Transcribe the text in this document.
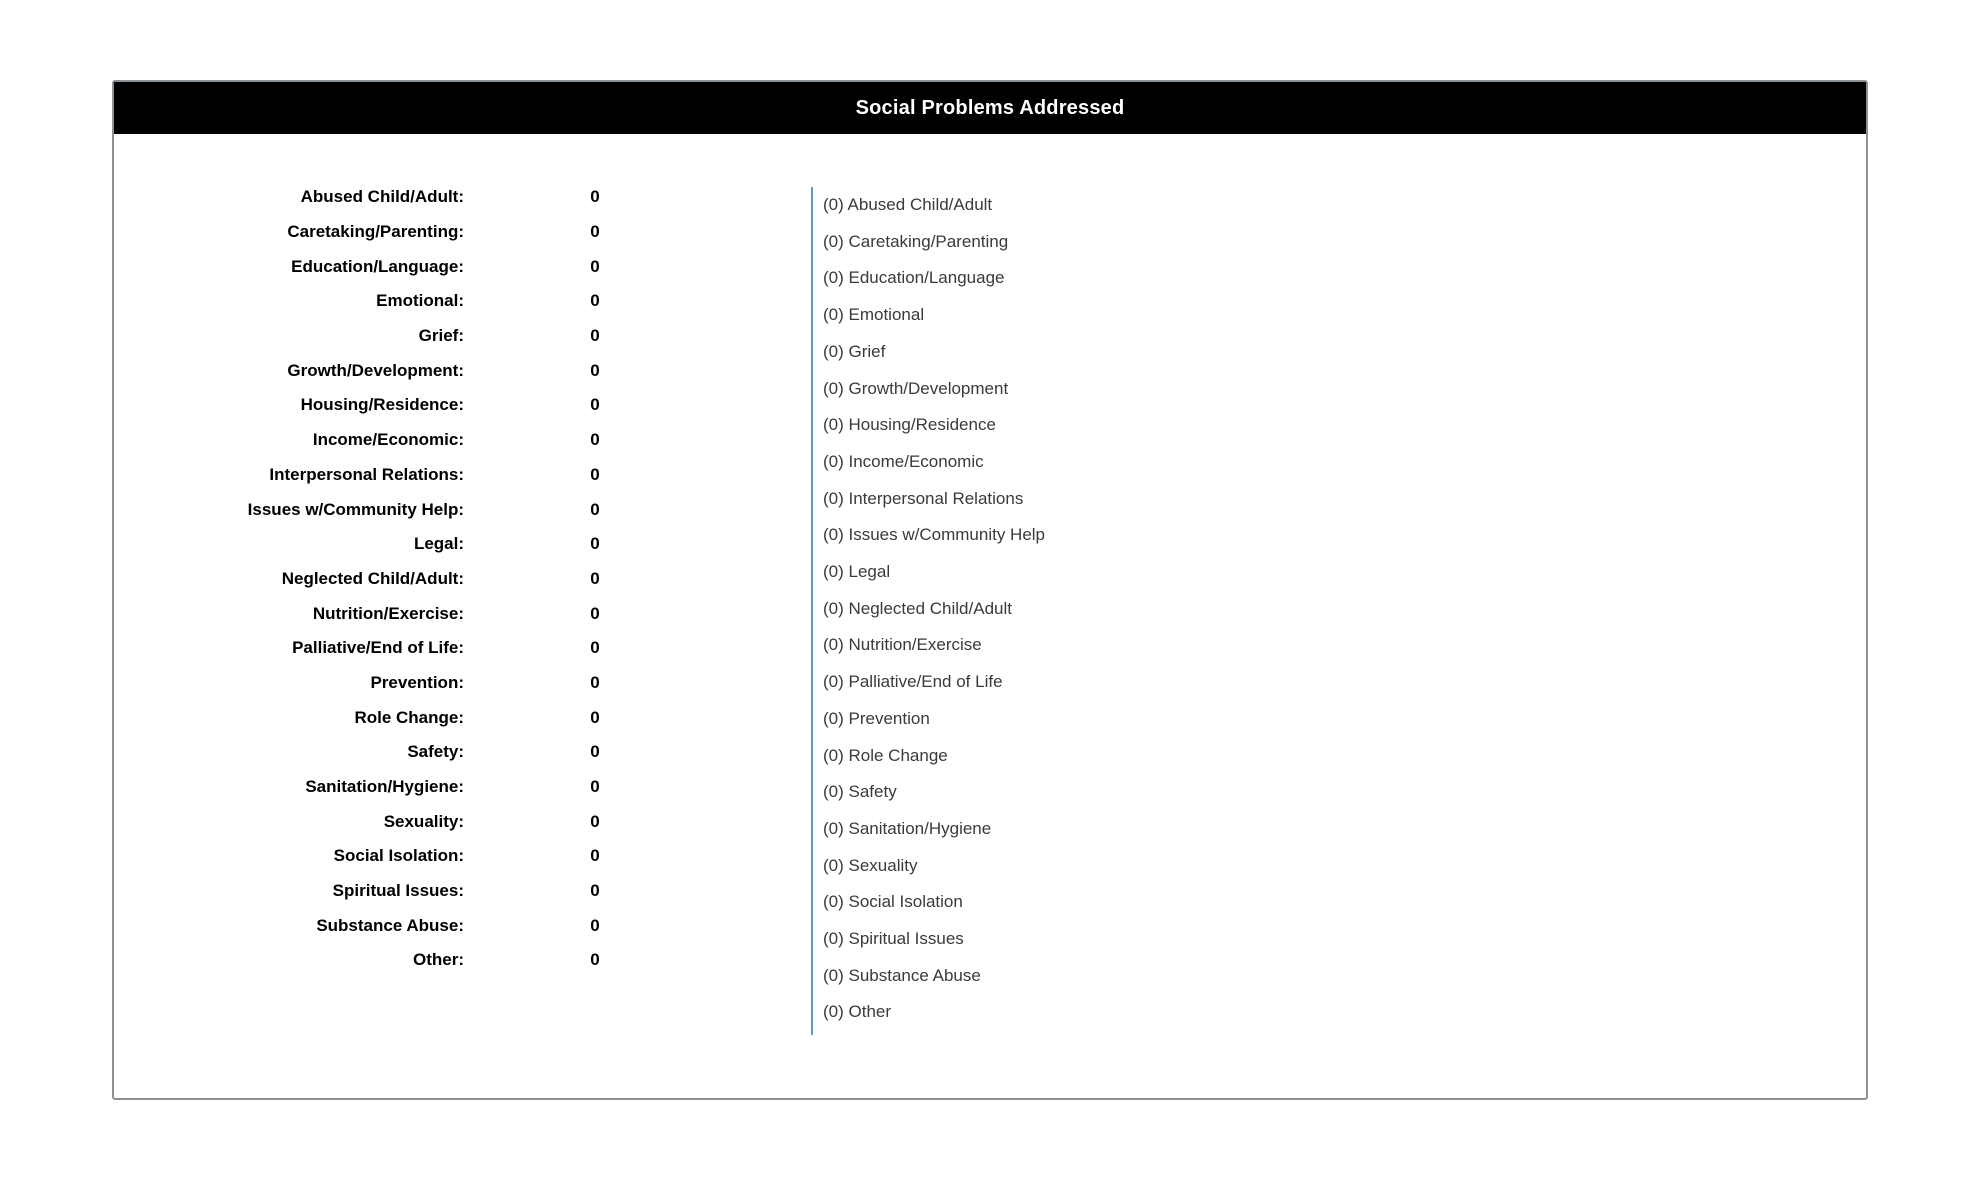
Social Problems Addressed
Abused Child/Adult:	0
Caretaking/Parenting:	0
Education/Language:	0
Emotional:	0
Grief:	0
Growth/Development:	0
Housing/Residence:	0
Income/Economic:	0
Interpersonal Relations:	0
Issues w/Community Help:	0
Legal:	0
Neglected Child/Adult:	0
Nutrition/Exercise:	0
Palliative/End of Life:	0
Prevention:	0
Role Change:	0
Safety:	0
Sanitation/Hygiene:	0
Sexuality:	0
Social Isolation:	0
Spiritual Issues:	0
Substance Abuse:	0
Other:	0
(0) Abused Child/Adult
(0) Caretaking/Parenting
(0) Education/Language
(0) Emotional
(0) Grief
(0) Growth/Development
(0) Housing/Residence
(0) Income/Economic
(0) Interpersonal Relations
(0) Issues w/Community Help
(0) Legal
(0) Neglected Child/Adult
(0) Nutrition/Exercise
(0) Palliative/End of Life
(0) Prevention
(0) Role Change
(0) Safety
(0) Sanitation/Hygiene
(0) Sexuality
(0) Social Isolation
(0) Spiritual Issues
(0) Substance Abuse
(0) Other
